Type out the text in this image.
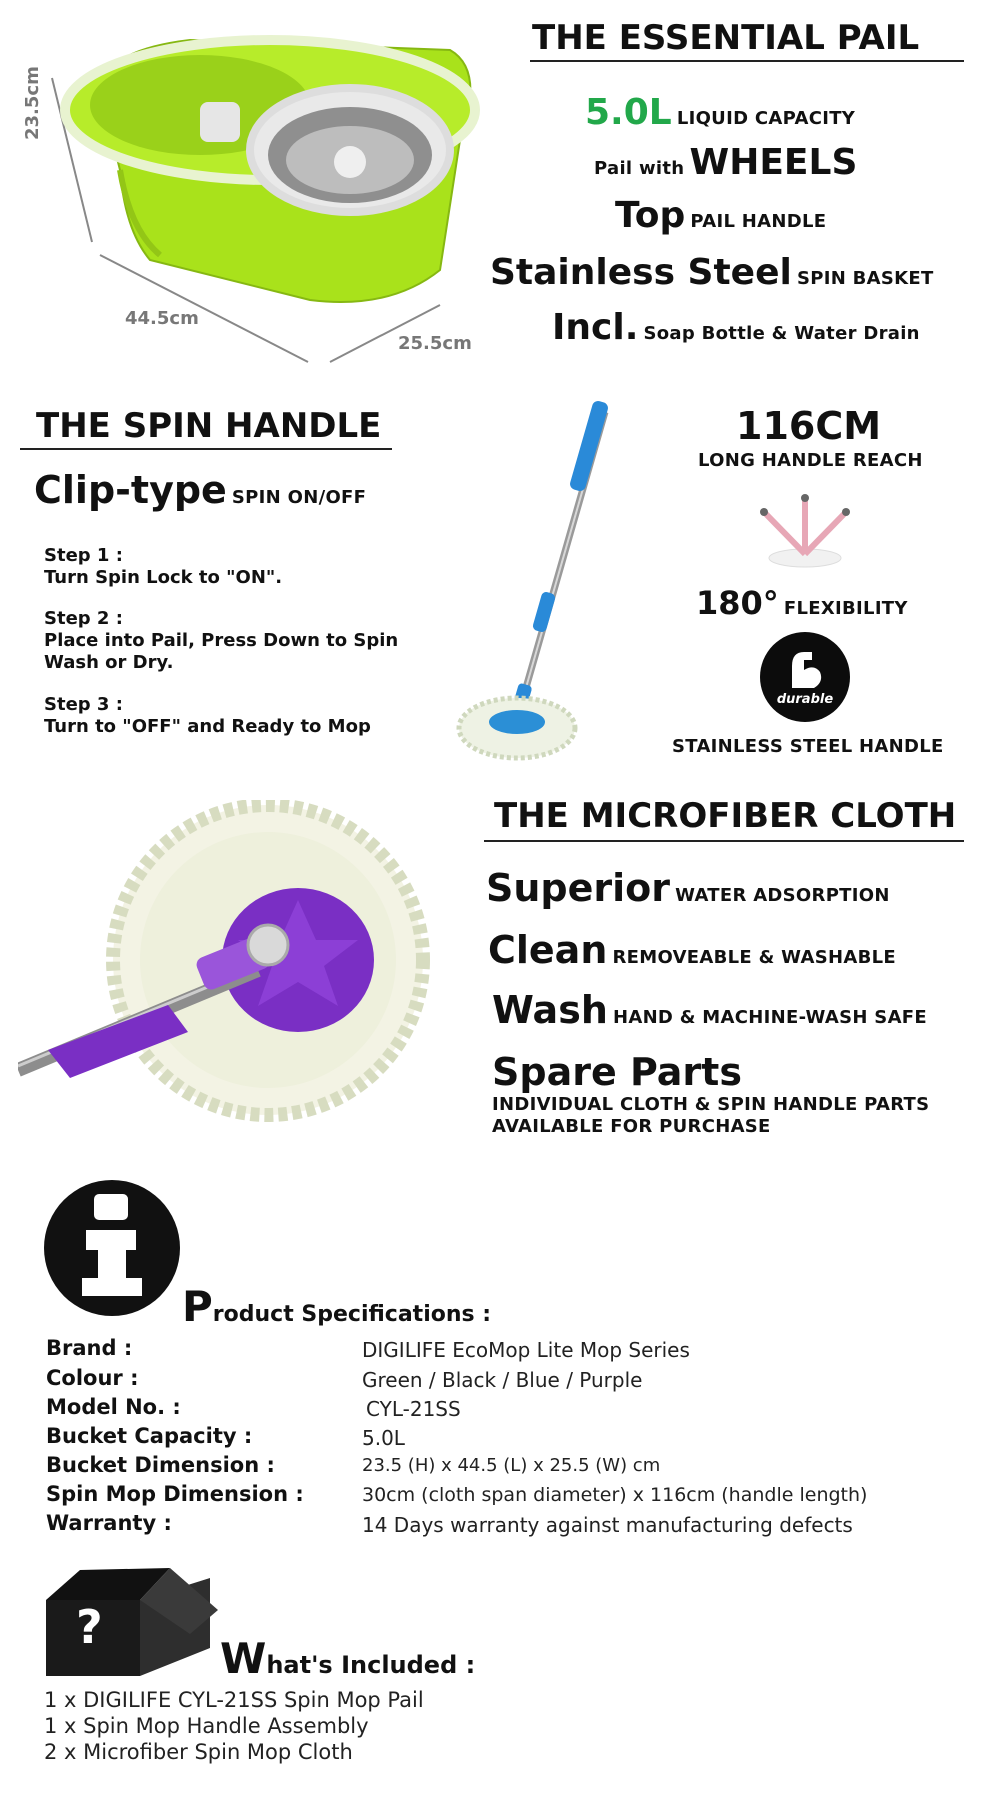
23.5cm
44.5cm
25.5cm
THE ESSENTIAL PAIL
5.0L LIQUID CAPACITY
Pail with WHEELS
Top PAIL HANDLE
Stainless Steel SPIN BASKET
Incl. Soap Bottle & Water Drain
THE SPIN HANDLE
Clip-type SPIN ON/OFF
Step 1 :
Turn Spin Lock to "ON".
Step 2 :
Place into Pail, Press Down to Spin
Wash or Dry.
Step 3 :
Turn to "OFF" and Ready to Mop
116CM
LONG HANDLE REACH
180° FLEXIBILITY
durable
STAINLESS STEEL HANDLE
THE MICROFIBER CLOTH
Superior WATER ADSORPTION
Clean REMOVEABLE & WASHABLE
Wash HAND & MACHINE-WASH SAFE
Spare Parts
INDIVIDUAL CLOTH & SPIN HANDLE PARTS
AVAILABLE FOR PURCHASE
Product Specifications :
Brand :	DIGILIFE EcoMop Lite Mop Series
Colour :	Green / Black / Blue / Purple
Model No. :	CYL-21SS
Bucket Capacity :	5.0L
Bucket Dimension :	23.5 (H) x 44.5 (L) x 25.5 (W) cm
Spin Mop Dimension :	30cm (cloth span diameter) x 116cm (handle length)
Warranty :	14 Days warranty against manufacturing defects
?
What's Included :
1 x DIGILIFE CYL-21SS Spin Mop Pail
1 x Spin Mop Handle Assembly
2 x Microfiber Spin Mop Cloth
